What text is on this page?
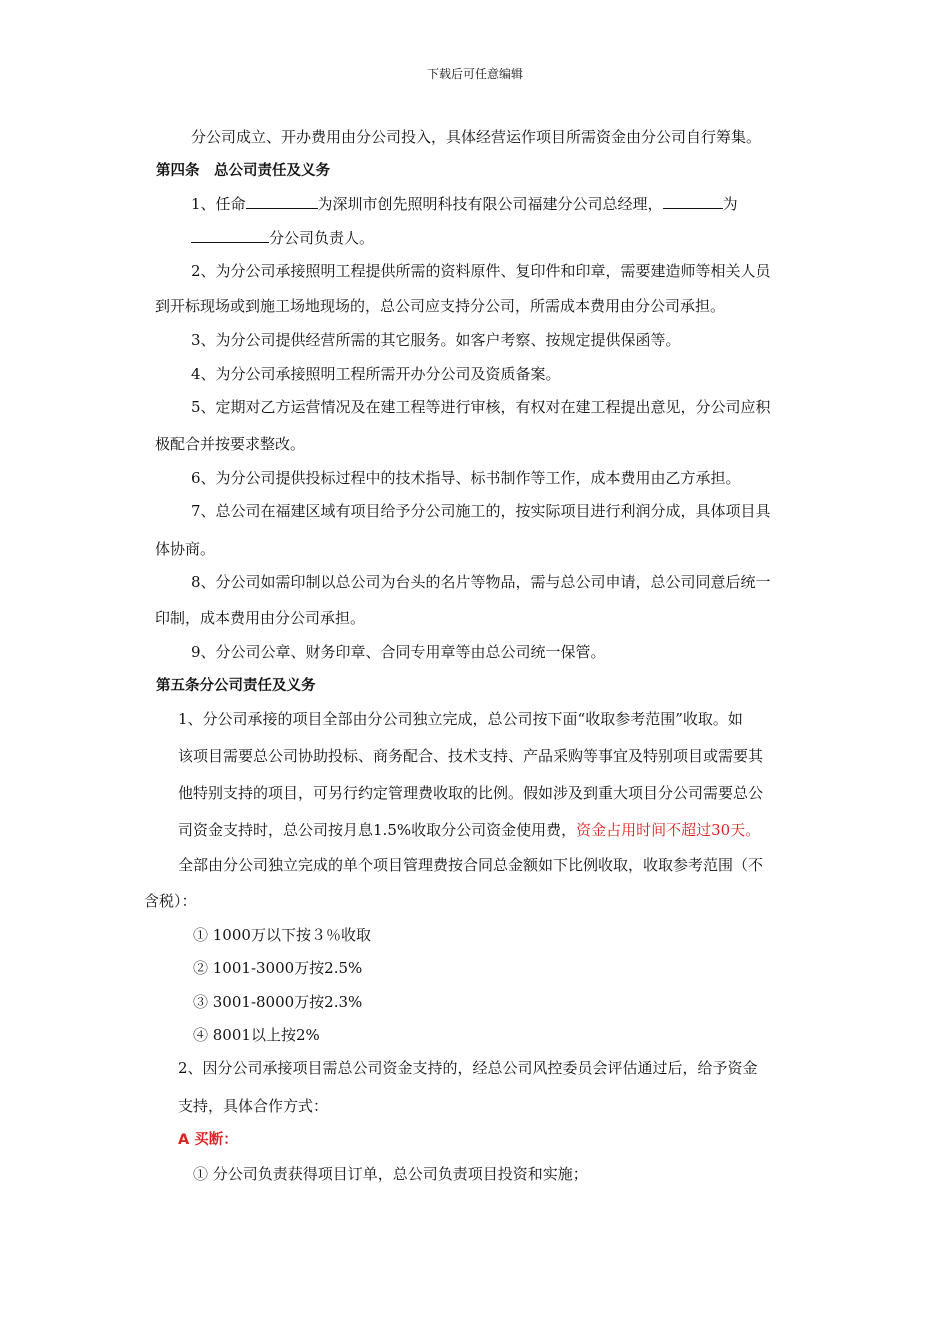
下载后可任意编辑
分公司成立、开办费用由分公司投入，具体经营运作项目所需资金由分公司自行筹集。
第四条　总公司责任及义务
1、任命	为深圳市创先照明科技有限公司福建分公司总经理，	为
分公司负责人。
2、为分公司承接照明工程提供所需的资料原件、复印件和印章，需要建造师等相关人员
到开标现场或到施工场地现场的，总公司应支持分公司，所需成本费用由分公司承担。
3、为分公司提供经营所需的其它服务。如客户考察、按规定提供保函等。
4、为分公司承接照明工程所需开办分公司及资质备案。
5、定期对乙方运营情况及在建工程等进行审核，有权对在建工程提出意见，分公司应积
极配合并按要求整改。
6、为分公司提供投标过程中的技术指导、标书制作等工作，成本费用由乙方承担。
7、总公司在福建区域有项目给予分公司施工的，按实际项目进行利润分成，具体项目具
体协商。
8、分公司如需印制以总公司为台头的名片等物品，需与总公司申请，总公司同意后统一
印制，成本费用由分公司承担。
9、分公司公章、财务印章、合同专用章等由总公司统一保管。
第五条分公司责任及义务
1、分公司承接的项目全部由分公司独立完成，总公司按下面“收取参考范围”收取。如
该项目需要总公司协助投标、商务配合、技术支持、产品采购等事宜及特别项目或需要其
他特别支持的项目，可另行约定管理费收取的比例。假如涉及到重大项目分公司需要总公
司资金支持时，总公司按月息1.5%收取分公司资金使用费，资金占用时间不超过30天。
全部由分公司独立完成的单个项目管理费按合同总金额如下比例收取，收取参考范围（不
含税）：
① 1000万以下按３％收取
② 1001-3000万按2.5%
③ 3001-8000万按2.3%
④ 8001以上按2%
2、因分公司承接项目需总公司资金支持的，经总公司风控委员会评估通过后，给予资金
支持，具体合作方式：
A 买断：
① 分公司负责获得项目订单，总公司负责项目投资和实施；
